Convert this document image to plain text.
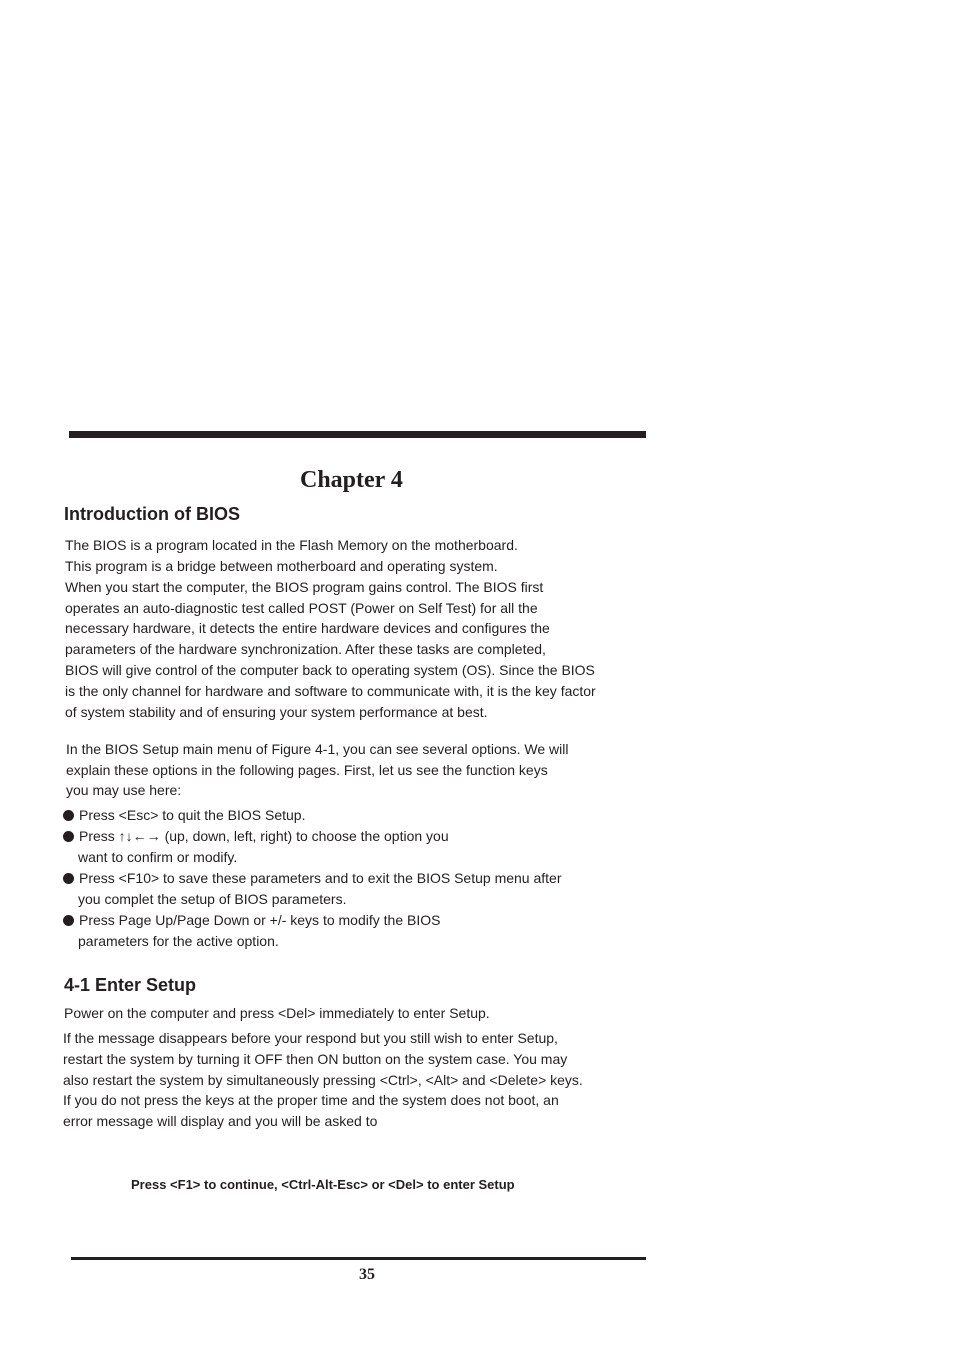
Chapter 4
Introduction of BIOS
The BIOS is a program located in the Flash Memory on the motherboard.
This program is a bridge between motherboard and operating system.
When you start the computer, the BIOS program gains control. The BIOS first
operates an auto-diagnostic test called POST (Power on Self Test) for all the
necessary hardware, it detects the entire hardware devices and configures the
parameters of the hardware synchronization. After these tasks are completed,
BIOS will give control of the computer back to operating system (OS). Since the BIOS
is the only channel for hardware and software to communicate with, it is the key factor
of system stability and of ensuring your system performance at best.
In the BIOS Setup main menu of Figure 4-1, you can see several options. We will
explain these options in the following pages. First, let us see the function keys
you may use here:
Press <Esc> to quit the BIOS Setup.
Press ↑↓←→ (up, down, left, right) to choose the option you
want to confirm or modify.
Press <F10> to save these parameters and to exit the BIOS Setup menu after
you complet the setup of BIOS parameters.
Press Page Up/Page Down or +/- keys to modify the BIOS
parameters for the active option.
4-1 Enter Setup
Power on the computer and press <Del> immediately to enter Setup.
If the message disappears before your respond but you still wish to enter Setup,
restart the system by turning it OFF then ON button on the system case. You may
also restart the system by simultaneously pressing <Ctrl>, <Alt> and <Delete> keys.
If you do not press the keys at the proper time and the system does not boot, an
error message will display and you will be asked to
Press <F1> to continue, <Ctrl-Alt-Esc> or <Del> to enter Setup
35
